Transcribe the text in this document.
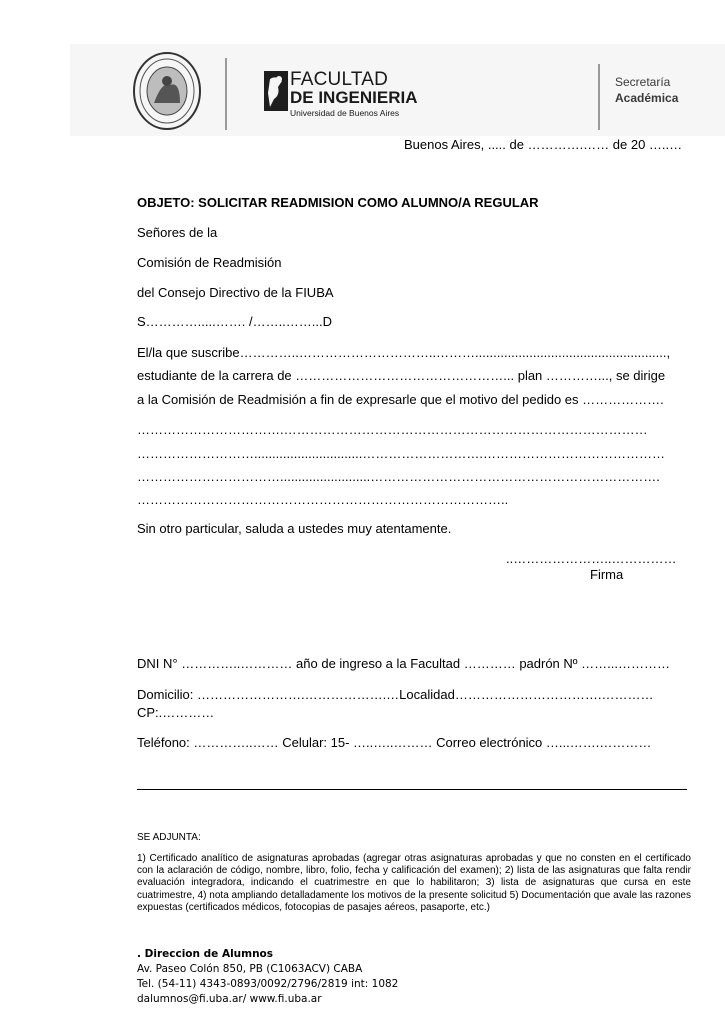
FACULTAD
DE INGENIERIA
Universidad de Buenos Aires
Secretaría
Académica
Buenos Aires, ..... de ………….…… de 20 …..…
OBJETO: SOLICITAR READMISION COMO ALUMNO/A REGULAR
Señores de la
Comisión de Readmisión
del Consejo Directivo de la FIUBA
S………….....……. /……..……...D
El/la que suscribe…………..…………………………..……….....................................................,
estudiante de la carrera de …………………………………………... plan …………..., se dirige
a la Comisión de Readmisión a fin de expresarle que el motivo del pedido es ……………….
…………………………….…………………………………………………………………………
………………………..............................……………………….……………………………………
…………………………….........................………………………………………………………….
…………………………………………………………………………..
Sin otro particular, saluda a ustedes muy atentamente.
..…………………..……………
Firma
DNI N° …………..………… año de ingreso a la Facultad ………… padrón Nº ……...…………
Domicilio: …………………….……………….…Localidad…………………………….…………
CP:.…………
Teléfono: …………..…… Celular: 15- …..…..……… Correo electrónico …...…….…………
SE ADJUNTA:
1) Certificado analítico de asignaturas aprobadas (agregar otras asignaturas aprobadas y que no consten en el certificado con la aclaración de código, nombre, libro, folio, fecha y calificación del examen); 2) lista de las asignaturas que falta rendir evaluación integradora, indicando el cuatrimestre en que lo habilitaron; 3) lista de asignaturas que cursa en este cuatrimestre, 4) nota ampliando detalladamente los motivos de la presente solicitud 5) Documentación que avale las razones expuestas (certificados médicos, fotocopias de pasajes aéreos, pasaporte, etc.)
. Direccion de Alumnos
Av. Paseo Colón 850, PB (C1063ACV) CABA
Tel. (54-11) 4343-0893/0092/2796/2819 int: 1082
dalumnos@fi.uba.ar/ www.fi.uba.ar
